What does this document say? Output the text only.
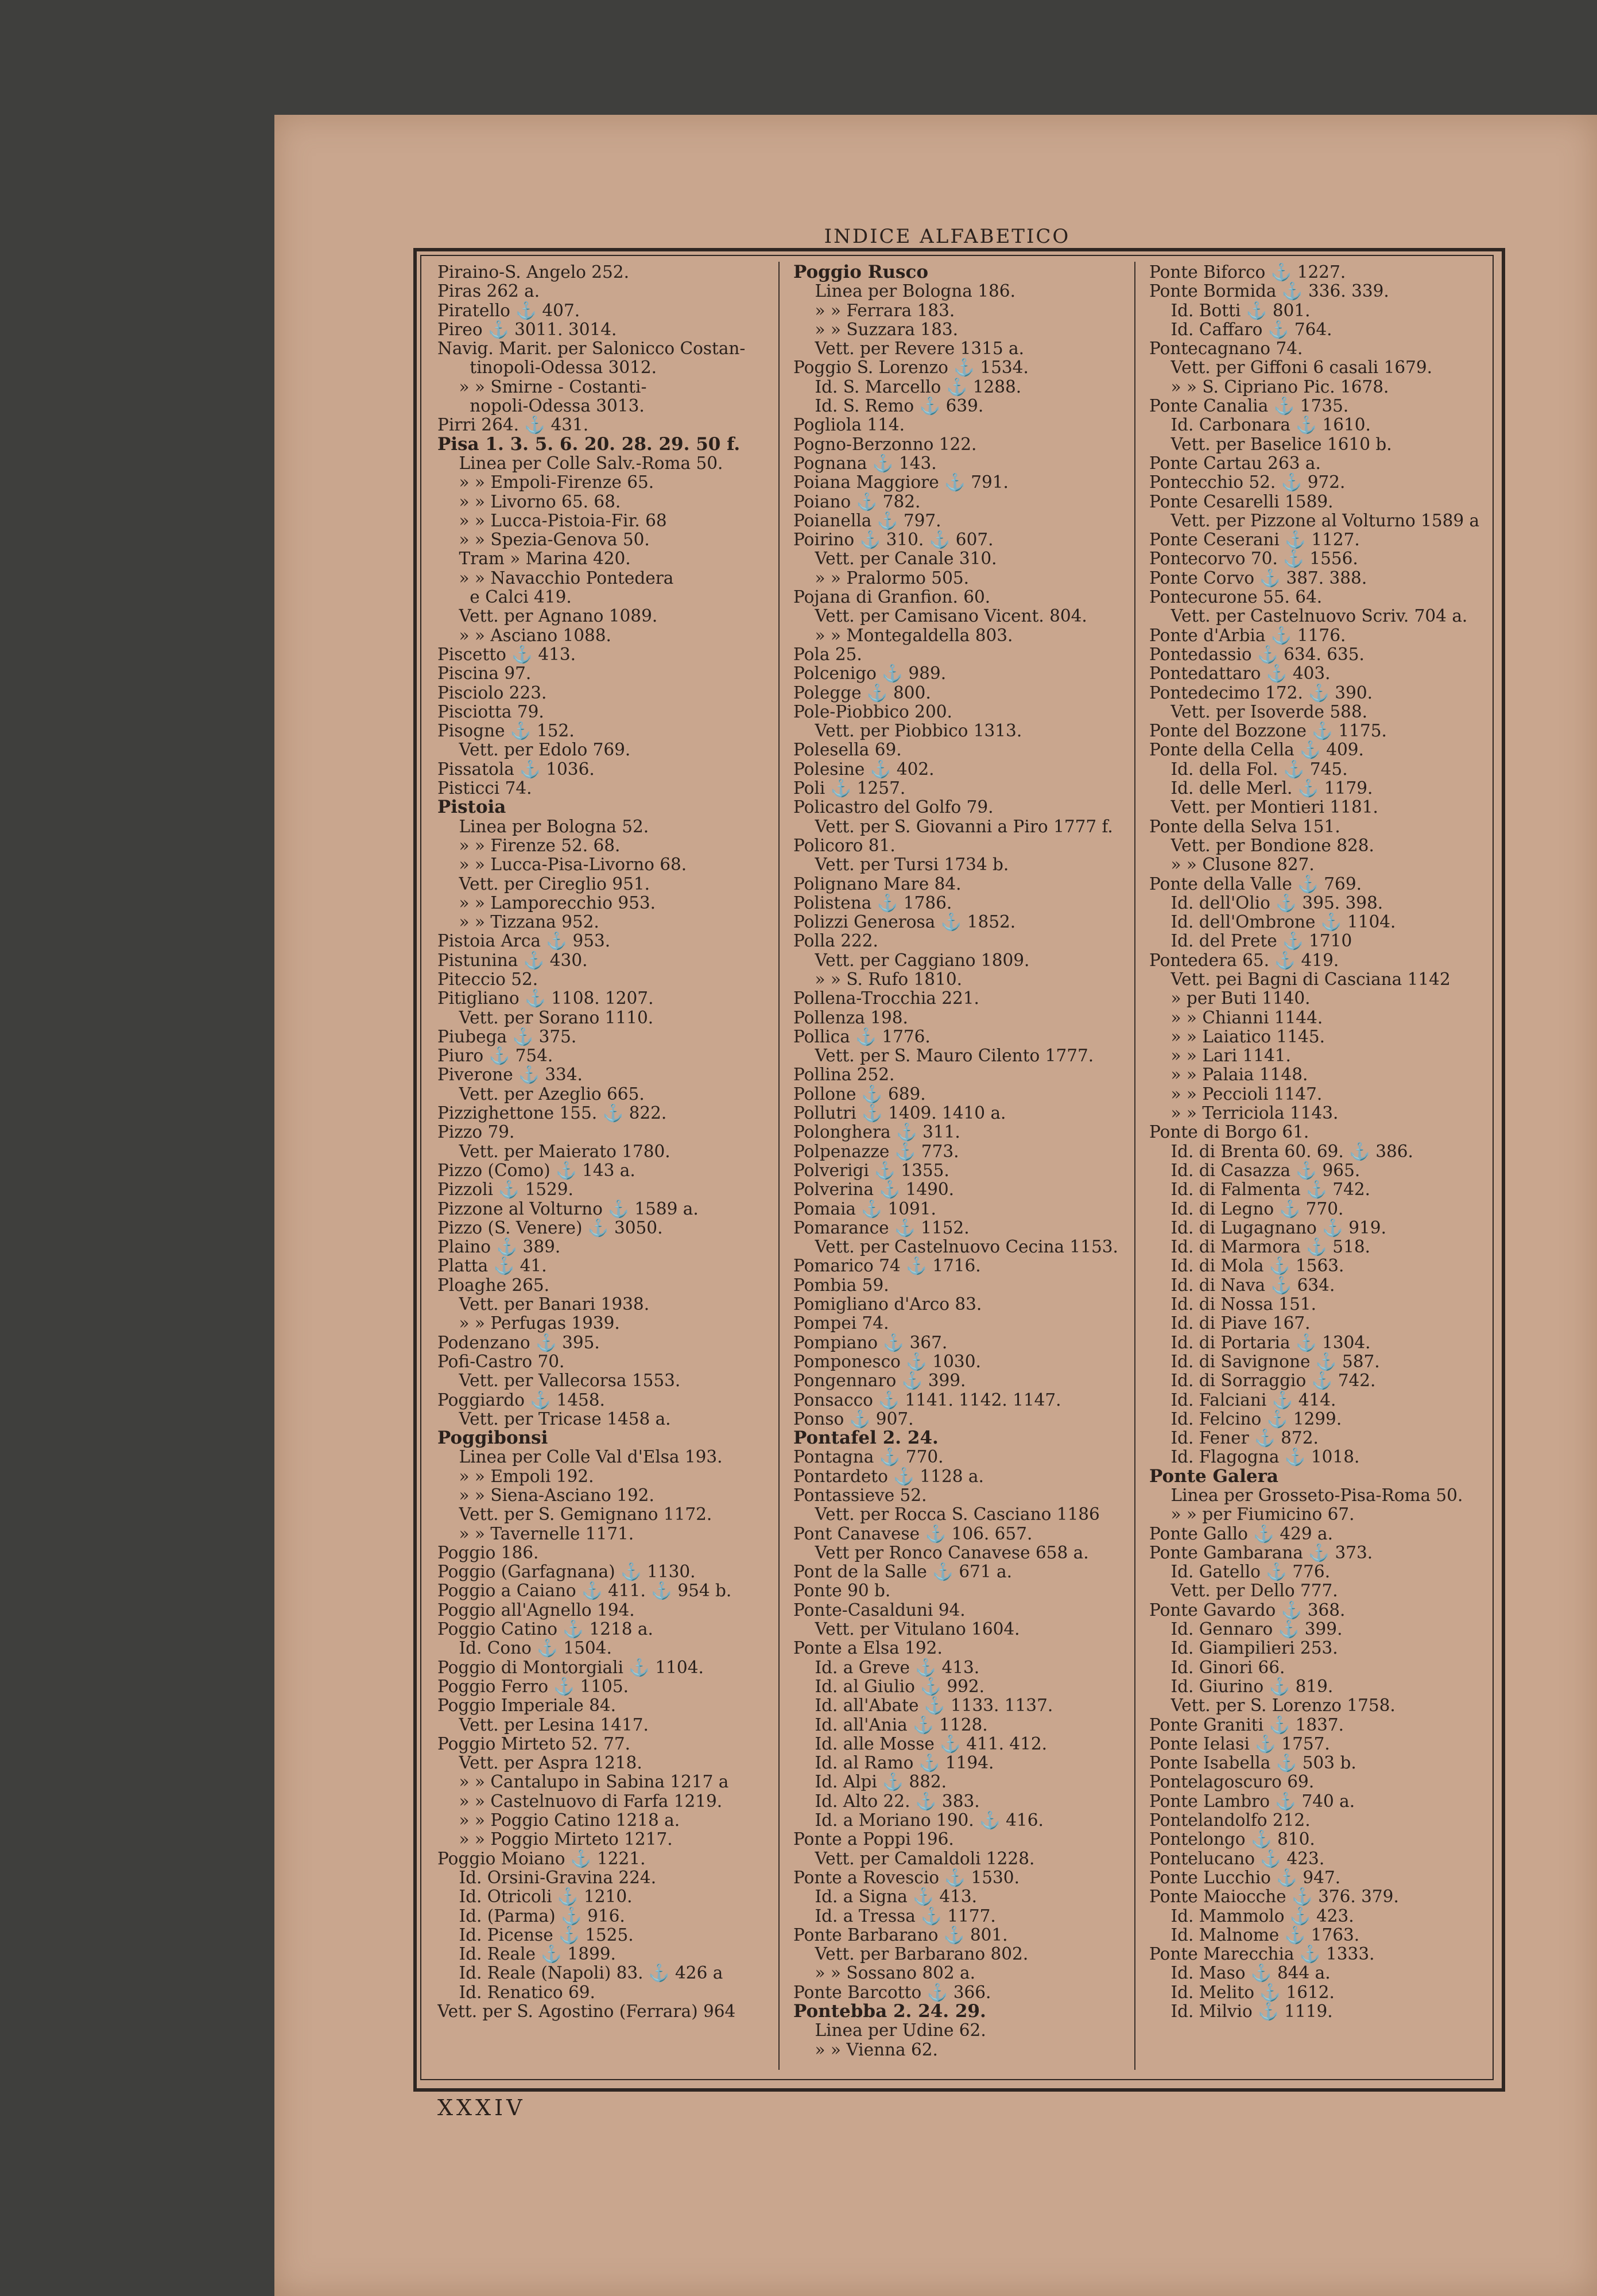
INDICE ALFABETICO
Piraino-S. Angelo 252.
Piras 262 a.
Piratello ⚓ 407.
Pireo ⚓ 3011. 3014.
Navig. Marit. per Salonicco Costan-
tinopoli-Odessa 3012.
» » Smirne - Costanti-
nopoli-Odessa 3013.
Pirri 264. ⚓ 431.
Pisa 1. 3. 5. 6. 20. 28. 29. 50 f.
Linea per Colle Salv.-Roma 50.
» » Empoli-Firenze 65.
» » Livorno 65. 68.
» » Lucca-Pistoia-Fir. 68
» » Spezia-Genova 50.
Tram » Marina 420.
» » Navacchio Pontedera
e Calci 419.
Vett. per Agnano 1089.
» » Asciano 1088.
Piscetto ⚓ 413.
Piscina 97.
Pisciolo 223.
Pisciotta 79.
Pisogne ⚓ 152.
Vett. per Edolo 769.
Pissatola ⚓ 1036.
Pisticci 74.
Pistoia
Linea per Bologna 52.
» » Firenze 52. 68.
» » Lucca-Pisa-Livorno 68.
Vett. per Cireglio 951.
» » Lamporecchio 953.
» » Tizzana 952.
Pistoia Arca ⚓ 953.
Pistunina ⚓ 430.
Piteccio 52.
Pitigliano ⚓ 1108. 1207.
Vett. per Sorano 1110.
Piubega ⚓ 375.
Piuro ⚓ 754.
Piverone ⚓ 334.
Vett. per Azeglio 665.
Pizzighettone 155. ⚓ 822.
Pizzo 79.
Vett. per Maierato 1780.
Pizzo (Como) ⚓ 143 a.
Pizzoli ⚓ 1529.
Pizzone al Volturno ⚓ 1589 a.
Pizzo (S. Venere) ⚓ 3050.
Plaino ⚓ 389.
Platta ⚓ 41.
Ploaghe 265.
Vett. per Banari 1938.
» » Perfugas 1939.
Podenzano ⚓ 395.
Pofi-Castro 70.
Vett. per Vallecorsa 1553.
Poggiardo ⚓ 1458.
Vett. per Tricase 1458 a.
Poggibonsi
Linea per Colle Val d'Elsa 193.
» » Empoli 192.
» » Siena-Asciano 192.
Vett. per S. Gemignano 1172.
» » Tavernelle 1171.
Poggio 186.
Poggio (Garfagnana) ⚓ 1130.
Poggio a Caiano ⚓ 411. ⚓ 954 b.
Poggio all'Agnello 194.
Poggio Catino ⚓ 1218 a.
Id. Cono ⚓ 1504.
Poggio di Montorgiali ⚓ 1104.
Poggio Ferro ⚓ 1105.
Poggio Imperiale 84.
Vett. per Lesina 1417.
Poggio Mirteto 52. 77.
Vett. per Aspra 1218.
» » Cantalupo in Sabina 1217 a
» » Castelnuovo di Farfa 1219.
» » Poggio Catino 1218 a.
» » Poggio Mirteto 1217.
Poggio Moiano ⚓ 1221.
Id. Orsini-Gravina 224.
Id. Otricoli ⚓ 1210.
Id. (Parma) ⚓ 916.
Id. Picense ⚓ 1525.
Id. Reale ⚓ 1899.
Id. Reale (Napoli) 83. ⚓ 426 a
Id. Renatico 69.
Vett. per S. Agostino (Ferrara) 964
Poggio Rusco
Linea per Bologna 186.
» » Ferrara 183.
» » Suzzara 183.
Vett. per Revere 1315 a.
Poggio S. Lorenzo ⚓ 1534.
Id. S. Marcello ⚓ 1288.
Id. S. Remo ⚓ 639.
Pogliola 114.
Pogno-Berzonno 122.
Pognana ⚓ 143.
Poiana Maggiore ⚓ 791.
Poiano ⚓ 782.
Poianella ⚓ 797.
Poirino ⚓ 310. ⚓ 607.
Vett. per Canale 310.
» » Pralormo 505.
Pojana di Granfion. 60.
Vett. per Camisano Vicent. 804.
» » Montegaldella 803.
Pola 25.
Polcenigo ⚓ 989.
Polegge ⚓ 800.
Pole-Piobbico 200.
Vett. per Piobbico 1313.
Polesella 69.
Polesine ⚓ 402.
Poli ⚓ 1257.
Policastro del Golfo 79.
Vett. per S. Giovanni a Piro 1777 f.
Policoro 81.
Vett. per Tursi 1734 b.
Polignano Mare 84.
Polistena ⚓ 1786.
Polizzi Generosa ⚓ 1852.
Polla 222.
Vett. per Caggiano 1809.
» » S. Rufo 1810.
Pollena-Trocchia 221.
Pollenza 198.
Pollica ⚓ 1776.
Vett. per S. Mauro Cilento 1777.
Pollina 252.
Pollone ⚓ 689.
Pollutri ⚓ 1409. 1410 a.
Polonghera ⚓ 311.
Polpenazze ⚓ 773.
Polverigi ⚓ 1355.
Polverina ⚓ 1490.
Pomaia ⚓ 1091.
Pomarance ⚓ 1152.
Vett. per Castelnuovo Cecina 1153.
Pomarico 74 ⚓ 1716.
Pombia 59.
Pomigliano d'Arco 83.
Pompei 74.
Pompiano ⚓ 367.
Pomponesco ⚓ 1030.
Pongennaro ⚓ 399.
Ponsacco ⚓ 1141. 1142. 1147.
Ponso ⚓ 907.
Pontafel 2. 24.
Pontagna ⚓ 770.
Pontardeto ⚓ 1128 a.
Pontassieve 52.
Vett. per Rocca S. Casciano 1186
Pont Canavese ⚓ 106. 657.
Vett per Ronco Canavese 658 a.
Pont de la Salle ⚓ 671 a.
Ponte 90 b.
Ponte-Casalduni 94.
Vett. per Vitulano 1604.
Ponte a Elsa 192.
Id. a Greve ⚓ 413.
Id. al Giulio ⚓ 992.
Id. all'Abate ⚓ 1133. 1137.
Id. all'Ania ⚓ 1128.
Id. alle Mosse ⚓ 411. 412.
Id. al Ramo ⚓ 1194.
Id. Alpi ⚓ 882.
Id. Alto 22. ⚓ 383.
Id. a Moriano 190. ⚓ 416.
Ponte a Poppi 196.
Vett. per Camaldoli 1228.
Ponte a Rovescio ⚓ 1530.
Id. a Signa ⚓ 413.
Id. a Tressa ⚓ 1177.
Ponte Barbarano ⚓ 801.
Vett. per Barbarano 802.
» » Sossano 802 a.
Ponte Barcotto ⚓ 366.
Pontebba 2. 24. 29.
Linea per Udine 62.
» » Vienna 62.
Ponte Biforco ⚓ 1227.
Ponte Bormida ⚓ 336. 339.
Id. Botti ⚓ 801.
Id. Caffaro ⚓ 764.
Pontecagnano 74.
Vett. per Giffoni 6 casali 1679.
» » S. Cipriano Pic. 1678.
Ponte Canalia ⚓ 1735.
Id. Carbonara ⚓ 1610.
Vett. per Baselice 1610 b.
Ponte Cartau 263 a.
Pontecchio 52. ⚓ 972.
Ponte Cesarelli 1589.
Vett. per Pizzone al Volturno 1589 a
Ponte Ceserani ⚓ 1127.
Pontecorvo 70. ⚓ 1556.
Ponte Corvo ⚓ 387. 388.
Pontecurone 55. 64.
Vett. per Castelnuovo Scriv. 704 a.
Ponte d'Arbia ⚓ 1176.
Pontedassio ⚓ 634. 635.
Pontedattaro ⚓ 403.
Pontedecimo 172. ⚓ 390.
Vett. per Isoverde 588.
Ponte del Bozzone ⚓ 1175.
Ponte della Cella ⚓ 409.
Id. della Fol. ⚓ 745.
Id. delle Merl. ⚓ 1179.
Vett. per Montieri 1181.
Ponte della Selva 151.
Vett. per Bondione 828.
» » Clusone 827.
Ponte della Valle ⚓ 769.
Id. dell'Olio ⚓ 395. 398.
Id. dell'Ombrone ⚓ 1104.
Id. del Prete ⚓ 1710
Pontedera 65. ⚓ 419.
Vett. pei Bagni di Casciana 1142
» per Buti 1140.
» » Chianni 1144.
» » Laiatico 1145.
» » Lari 1141.
» » Palaia 1148.
» » Peccioli 1147.
» » Terriciola 1143.
Ponte di Borgo 61.
Id. di Brenta 60. 69. ⚓ 386.
Id. di Casazza ⚓ 965.
Id. di Falmenta ⚓ 742.
Id. di Legno ⚓ 770.
Id. di Lugagnano ⚓ 919.
Id. di Marmora ⚓ 518.
Id. di Mola ⚓ 1563.
Id. di Nava ⚓ 634.
Id. di Nossa 151.
Id. di Piave 167.
Id. di Portaria ⚓ 1304.
Id. di Savignone ⚓ 587.
Id. di Sorraggio ⚓ 742.
Id. Falciani ⚓ 414.
Id. Felcino ⚓ 1299.
Id. Fener ⚓ 872.
Id. Flagogna ⚓ 1018.
Ponte Galera
Linea per Grosseto-Pisa-Roma 50.
» » per Fiumicino 67.
Ponte Gallo ⚓ 429 a.
Ponte Gambarana ⚓ 373.
Id. Gatello ⚓ 776.
Vett. per Dello 777.
Ponte Gavardo ⚓ 368.
Id. Gennaro ⚓ 399.
Id. Giampilieri 253.
Id. Ginori 66.
Id. Giurino ⚓ 819.
Vett. per S. Lorenzo 1758.
Ponte Graniti ⚓ 1837.
Ponte Ielasi ⚓ 1757.
Ponte Isabella ⚓ 503 b.
Pontelagoscuro 69.
Ponte Lambro ⚓ 740 a.
Pontelandolfo 212.
Pontelongo ⚓ 810.
Pontelucano ⚓ 423.
Ponte Lucchio ⚓ 947.
Ponte Maiocche ⚓ 376. 379.
Id. Mammolo ⚓ 423.
Id. Malnome ⚓ 1763.
Ponte Marecchia ⚓ 1333.
Id. Maso ⚓ 844 a.
Id. Melito ⚓ 1612.
Id. Milvio ⚓ 1119.
XXXIV
